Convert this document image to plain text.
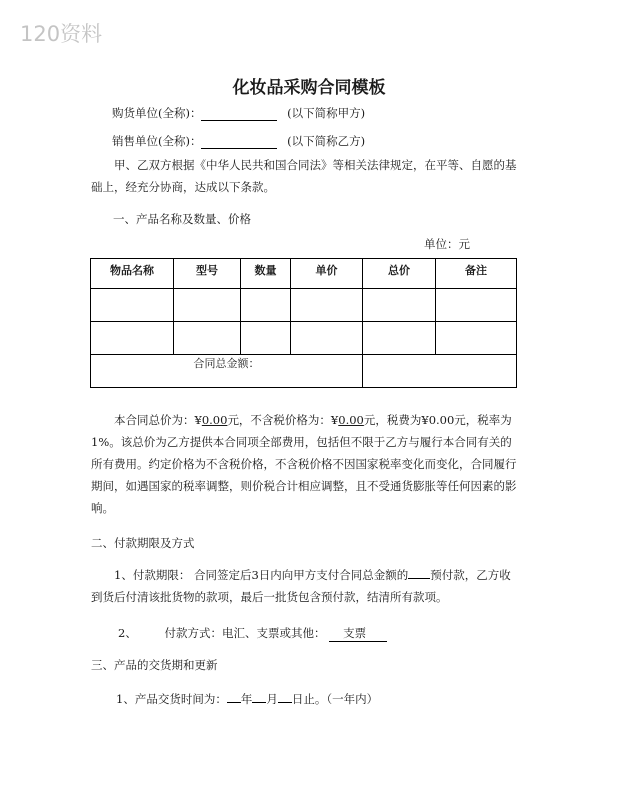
120资料
化妆品采购合同模板
购货单位(全称)：	(以下简称甲方)
销售单位(全称)：	(以下简称乙方)
甲、乙双方根据《中华人民共和国合同法》等相关法律规定，在平等、自愿的基础上，经充分协商，达成以下条款。
一、产品名称及数量、价格
单位：元
物品名称	型号	数量	单价	总价	备注

合同总金额：					
本合同总价为：¥0.00元，不含税价格为：¥0.00元，税费为¥0.00元，税率为1%。该总价为乙方提供本合同项全部费用，包括但不限于乙方与履行本合同有关的所有费用。约定价格为不含税价格，不含税价格不因国家税率变化而变化，合同履行期间，如遇国家的税率调整，则价税合计相应调整，且不受通货膨胀等任何因素的影响。
二、付款期限及方式
1、付款期限： 合同签定后3日内向甲方支付合同总金额的 预付款，乙方收到货后付清该批货物的款项，最后一批货包含预付款，结清所有款项。
2、 付款方式：电汇、支票或其他： 支票
三、产品的交货期和更新
1、产品交货时间为： 年 月 日止。（一年内）
